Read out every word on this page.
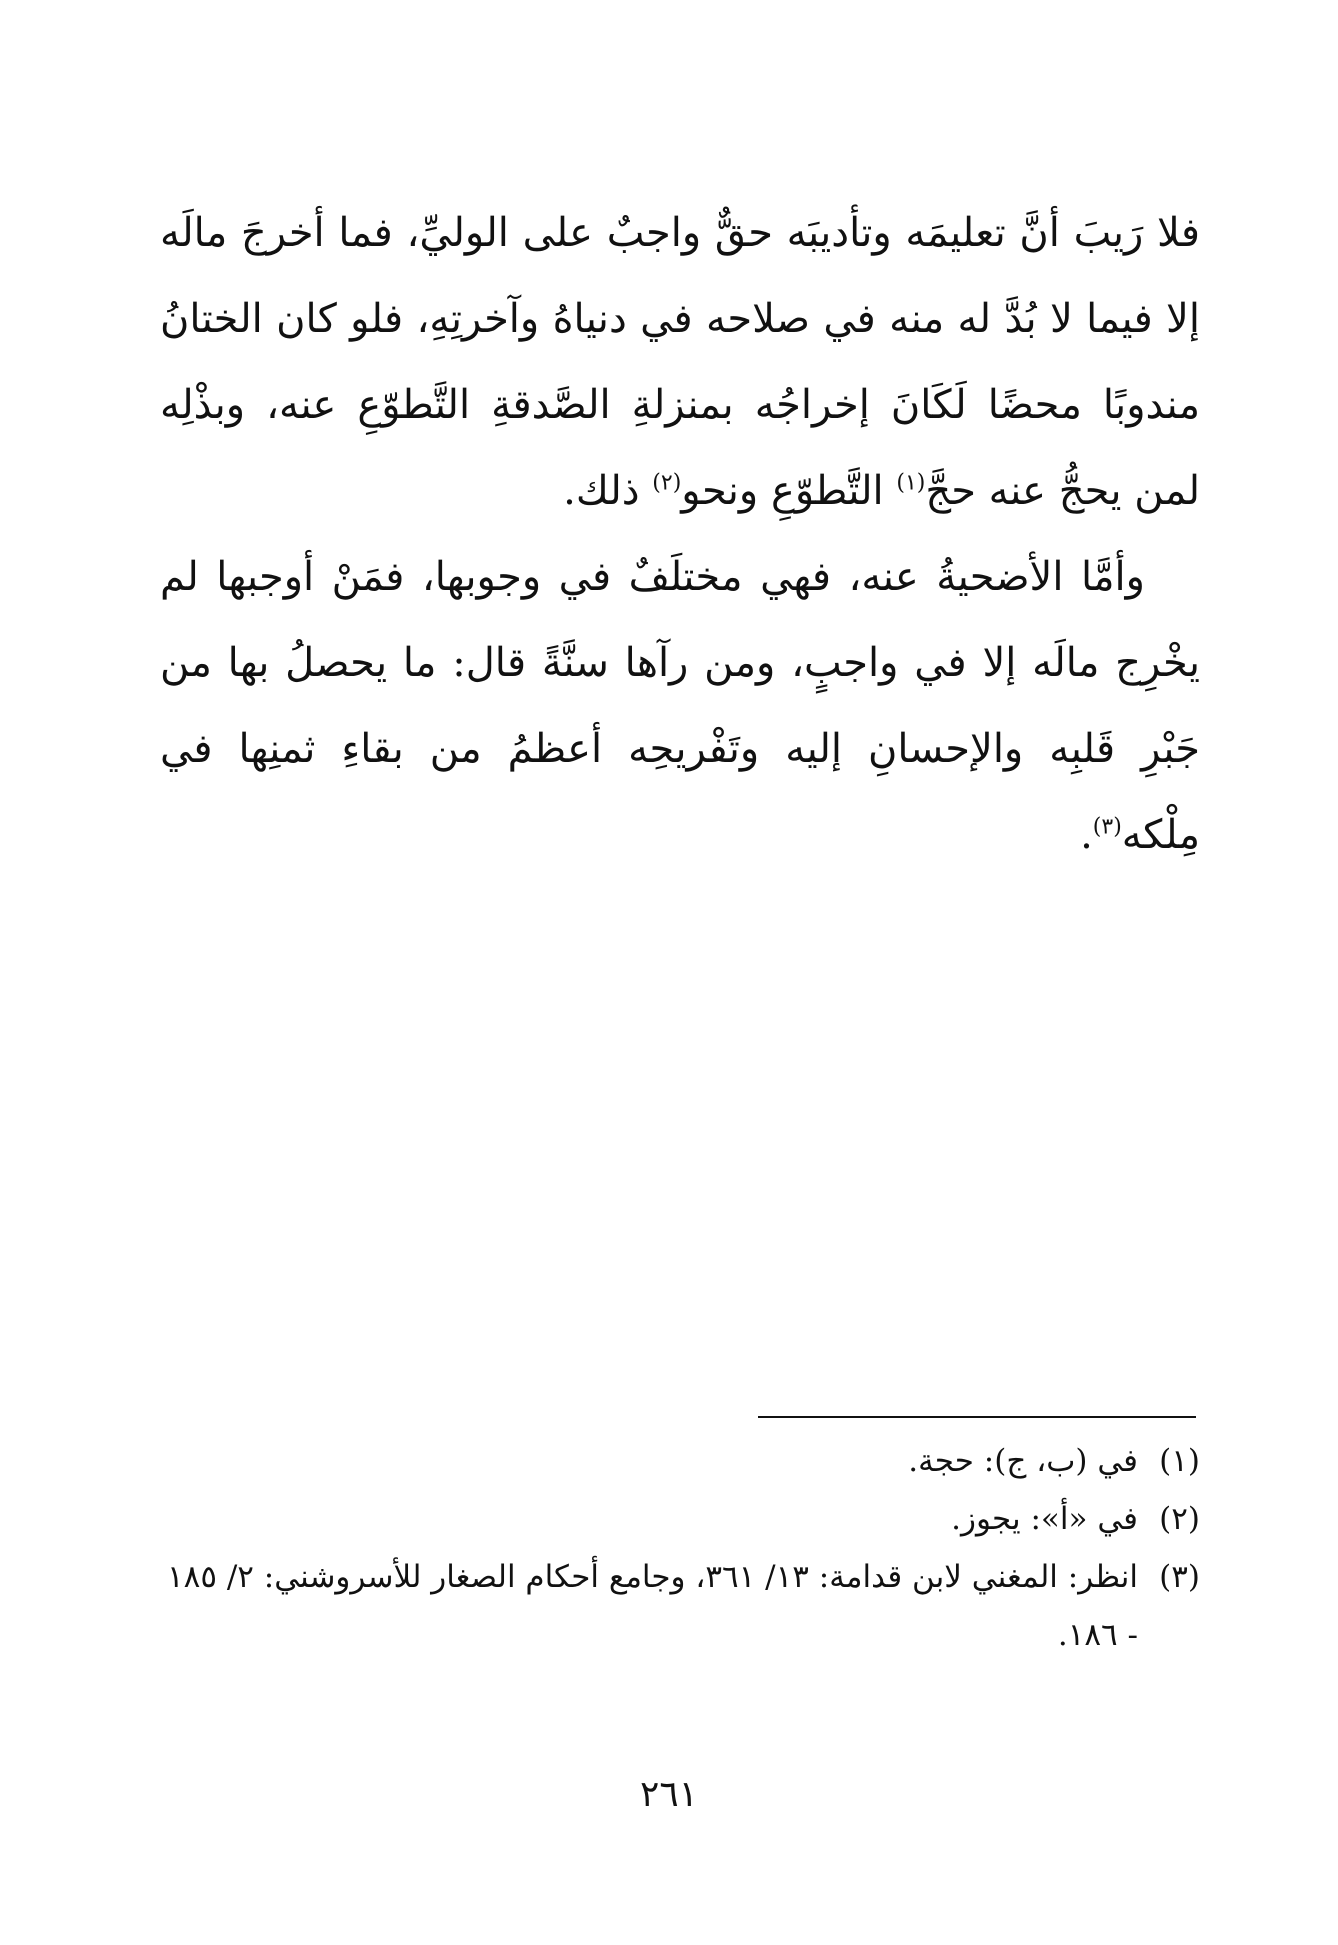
فلا رَيبَ أنَّ تعليمَه وتأديبَه حقٌّ واجبٌ على الوليِّ، فما أخرجَ مالَه إلا فيما لا بُدَّ له منه في صلاحه في دنياهُ وآخرتِهِ، فلو كان الختانُ مندوبًا محضًا لَكَانَ إخراجُه بمنزلةِ الصَّدقةِ التَّطوّعِ عنه، وبذْلِه لمن يحجُّ عنه حجَّ$^{(١)}$ التَّطوّعِ ونحو$^{(٢)}$ ذلك.

وأمَّا الأضحيةُ عنه، فهي مختلَفٌ في وجوبها، فمَنْ أوجبها لم يخْرِج مالَه إلا في واجبٍ، ومن رآها سنَّةً قال: ما يحصلُ بها من جَبْرِ قَلبِه والإحسانِ إليه وتَفْريحِه أعظمُ من بقاءِ ثمنِها في مِلْكه$^{(٣)}$.

(١)
في (ب، ج): حجة.

(٢)
في «أ»: يجوز.

(٣)
انظر: المغني لابن قدامة: ١٣/ ٣٦١، وجامع أحكام الصغار للأسروشني: ٢/ ١٨٥ - ١٨٦.

٢٦١
